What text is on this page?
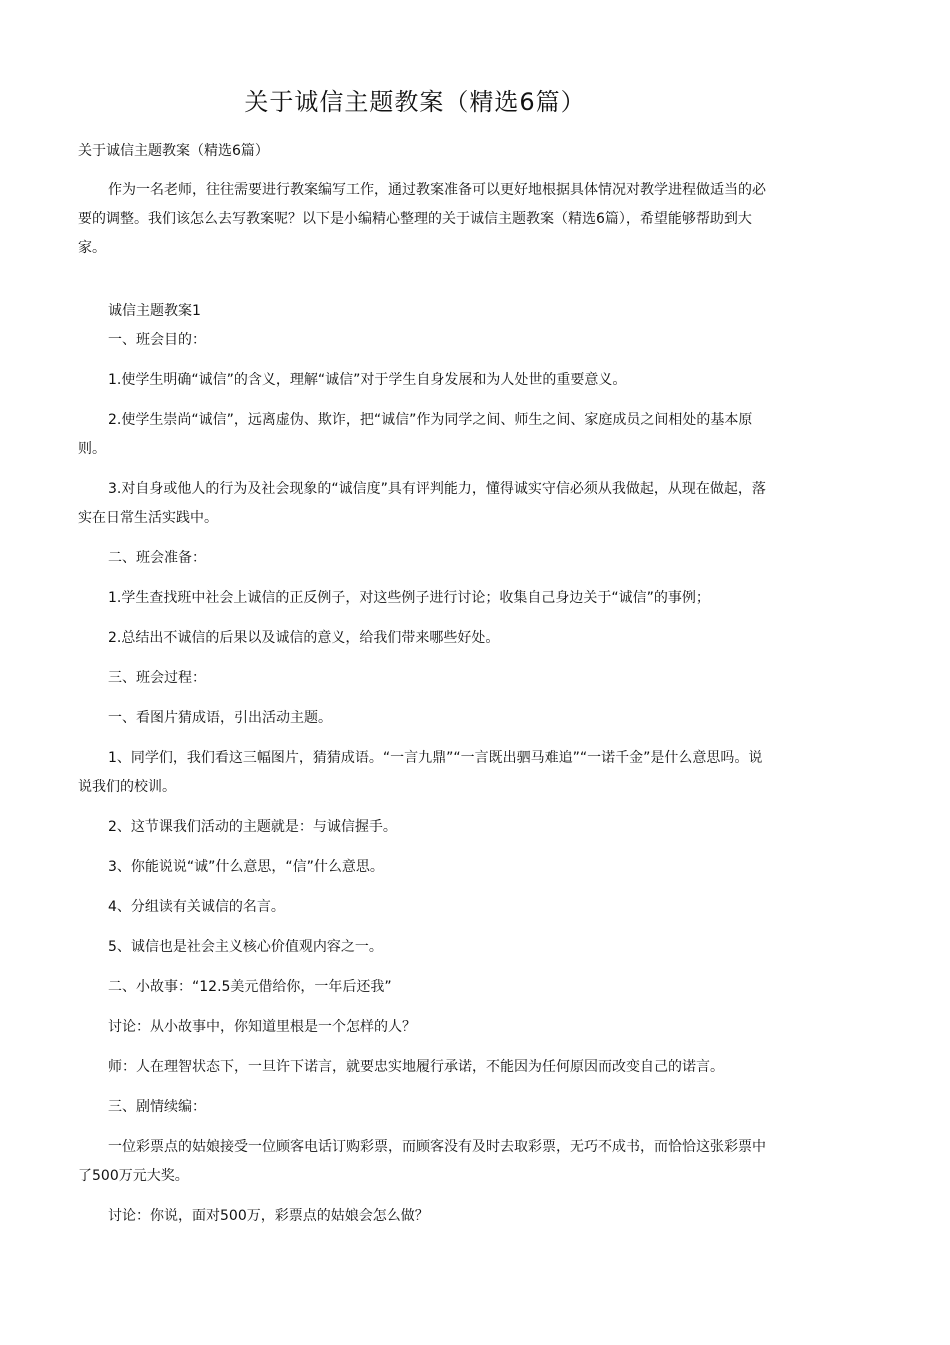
关于诚信主题教案（精选6篇）

关于诚信主题教案（精选6篇）

作为一名老师，往往需要进行教案编写工作，通过教案准备可以更好地根据具体情况对教学进程做适当的必要的调整。我们该怎么去写教案呢？以下是小编精心整理的关于诚信主题教案（精选6篇），希望能够帮助到大家。

诚信主题教案1

一、班会目的：

1.使学生明确“诚信”的含义，理解“诚信”对于学生自身发展和为人处世的重要意义。

2.使学生崇尚“诚信”，远离虚伪、欺诈，把“诚信”作为同学之间、师生之间、家庭成员之间相处的基本原则。

3.对自身或他人的行为及社会现象的“诚信度”具有评判能力，懂得诚实守信必须从我做起，从现在做起，落实在日常生活实践中。

二、班会准备：

1.学生查找班中社会上诚信的正反例子，对这些例子进行讨论；收集自己身边关于“诚信”的事例；

2.总结出不诚信的后果以及诚信的意义，给我们带来哪些好处。

三、班会过程：

一、看图片猜成语，引出活动主题。

1、同学们，我们看这三幅图片，猜猜成语。“一言九鼎”“一言既出驷马难追”“一诺千金”是什么意思吗。说说我们的校训。

2、这节课我们活动的主题就是：与诚信握手。

3、你能说说“诚”什么意思，“信”什么意思。

4、分组读有关诚信的名言。

5、诚信也是社会主义核心价值观内容之一。

二、小故事：“12.5美元借给你，一年后还我”

讨论：从小故事中，你知道里根是一个怎样的人？

师：人在理智状态下，一旦许下诺言，就要忠实地履行承诺，不能因为任何原因而改变自己的诺言。

三、剧情续编：

一位彩票点的姑娘接受一位顾客电话订购彩票，而顾客没有及时去取彩票，无巧不成书，而恰恰这张彩票中了500万元大奖。

讨论：你说，面对500万，彩票点的姑娘会怎么做？
